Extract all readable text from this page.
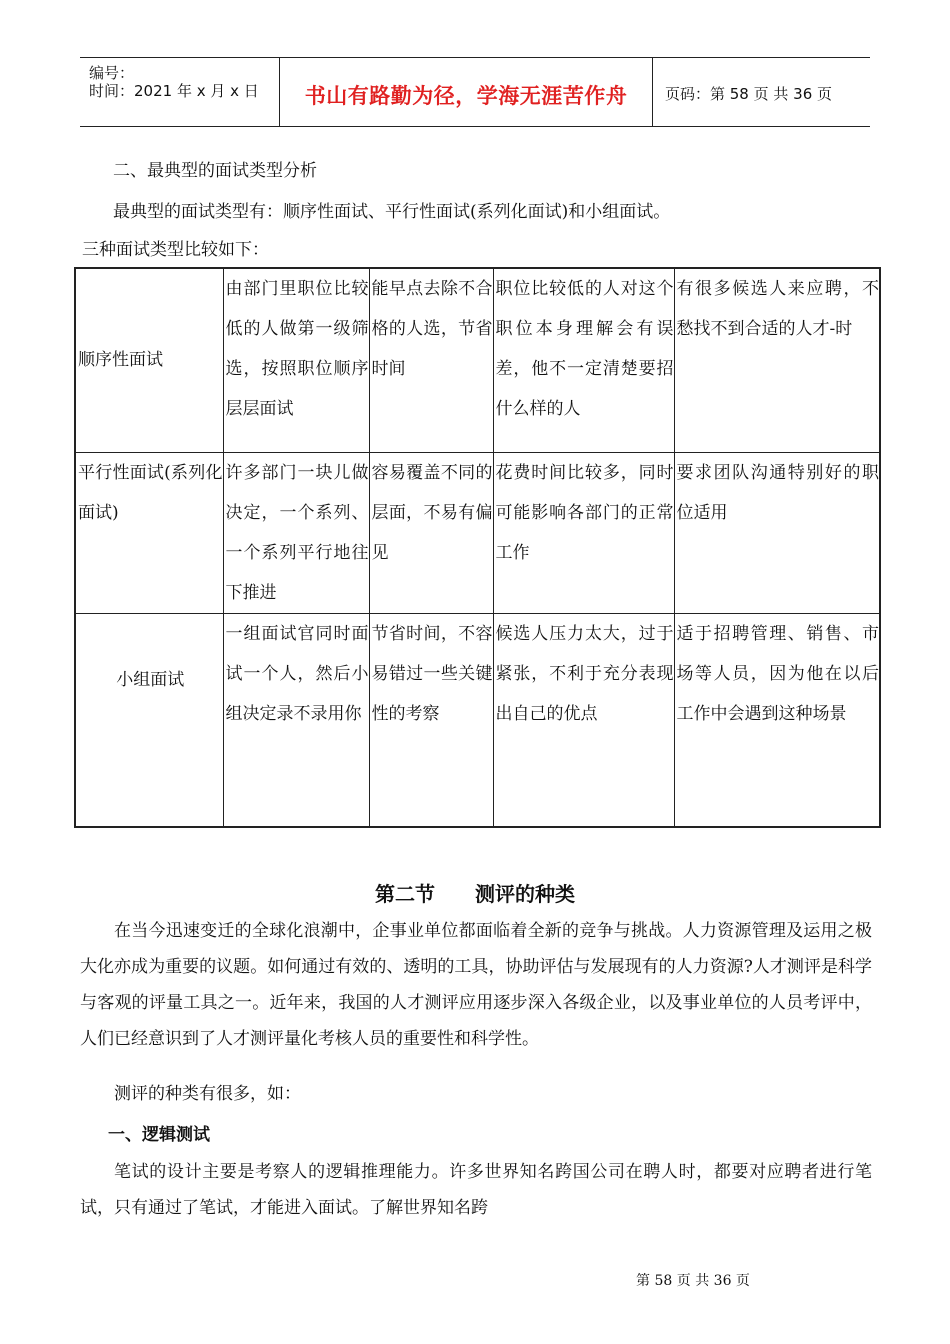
编号：
时间：2021 年 x 月 x 日	书山有路勤为径，学海无涯苦作舟	页码：第 58 页 共 36 页
二、最典型的面试类型分析
最典型的面试类型有：顺序性面试、平行性面试(系列化面试)和小组面试。
三种面试类型比较如下：
顺序性面试	由部门里职位比较低的人做第一级筛选，按照职位顺序层层面试	能早点去除不合格的人选，节省时间	职位比较低的人对这个职位本身理解会有误差，他不一定清楚要招什么样的人	有很多候选人来应聘，不愁找不到合适的人才-时
平行性面试(系列化面试)	许多部门一块儿做决定，一个系列、一个系列平行地往下推进	容易覆盖不同的层面，不易有偏见	花费时间比较多，同时可能影响各部门的正常工作	要求团队沟通特别好的职位适用
小组面试	一组面试官同时面试一个人，然后小组决定录不录用你	节省时间，不容易错过一些关键性的考察	候选人压力太大，过于紧张，不利于充分表现出自己的优点	适于招聘管理、销售、市场等人员，因为他在以后工作中会遇到这种场景
第二节　　测评的种类
在当今迅速变迁的全球化浪潮中，企事业单位都面临着全新的竞争与挑战。人力资源管理及运用之极大化亦成为重要的议题。如何通过有效的、透明的工具，协助评估与发展现有的人力资源?人才测评是科学与客观的评量工具之一。近年来，我国的人才测评应用逐步深入各级企业，以及事业单位的人员考评中，人们已经意识到了人才测评量化考核人员的重要性和科学性。
测评的种类有很多，如：
一、逻辑测试
笔试的设计主要是考察人的逻辑推理能力。许多世界知名跨国公司在聘人时，都要对应聘者进行笔试，只有通过了笔试，才能进入面试。了解世界知名跨
第 58 页 共 36 页
